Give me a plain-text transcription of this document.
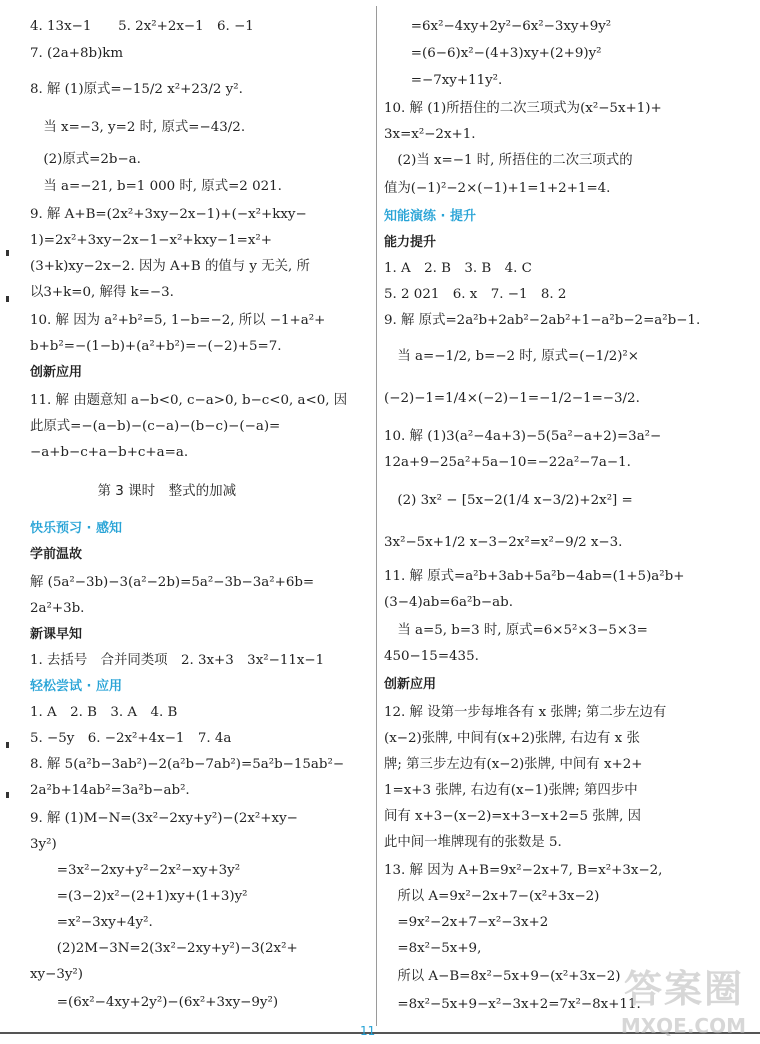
4. 13x−1　　5. 2x²+2x−1　6. −1
7. (2a+8b)km
8. 解 (1)原式=−15/2 x²+23/2 y².
　当 x=−3, y=2 时, 原式=−43/2.
　(2)原式=2b−a.
　当 a=−21, b=1 000 时, 原式=2 021.
9. 解 A+B=(2x²+3xy−2x−1)+(−x²+kxy−
1)=2x²+3xy−2x−1−x²+kxy−1=x²+
(3+k)xy−2x−2. 因为 A+B 的值与 y 无关, 所
以3+k=0, 解得 k=−3.
10. 解 因为 a²+b²=5, 1−b=−2, 所以 −1+a²+
b+b²=−(1−b)+(a²+b²)=−(−2)+5=7.
创新应用
11. 解 由题意知 a−b<0, c−a>0, b−c<0, a<0, 因
此原式=−(a−b)−(c−a)−(b−c)−(−a)=
−a+b−c+a−b+c+a=a.
　　　　　第 3 课时　整式的加减
快乐预习 · 感知
学前温故
解 (5a²−3b)−3(a²−2b)=5a²−3b−3a²+6b=
2a²+3b.
新课早知
1. 去括号　合并同类项　2. 3x+3　3x²−11x−1
轻松尝试 · 应用
1. A　2. B　3. A　4. B
5. −5y　6. −2x²+4x−1　7. 4a
8. 解 5(a²b−3ab²)−2(a²b−7ab²)=5a²b−15ab²−
2a²b+14ab²=3a²b−ab².
9. 解 (1)M−N=(3x²−2xy+y²)−(2x²+xy−
3y²)
　　=3x²−2xy+y²−2x²−xy+3y²
　　=(3−2)x²−(2+1)xy+(1+3)y²
　　=x²−3xy+4y².
　　(2)2M−3N=2(3x²−2xy+y²)−3(2x²+
xy−3y²)
　　=(6x²−4xy+2y²)−(6x²+3xy−9y²)
　　=6x²−4xy+2y²−6x²−3xy+9y²
　　=(6−6)x²−(4+3)xy+(2+9)y²
　　=−7xy+11y².
10. 解 (1)所捂住的二次三项式为(x²−5x+1)+
3x=x²−2x+1.
　(2)当 x=−1 时, 所捂住的二次三项式的
值为(−1)²−2×(−1)+1=1+2+1=4.
知能演练 · 提升
能力提升
1. A　2. B　3. B　4. C
5. 2 021　6. x　7. −1　8. 2
9. 解 原式=2a²b+2ab²−2ab²+1−a²b−2=a²b−1.
　当 a=−1/2, b=−2 时, 原式=(−1/2)²×
(−2)−1=1/4×(−2)−1=−1/2−1=−3/2.
10. 解 (1)3(a²−4a+3)−5(5a²−a+2)=3a²−
12a+9−25a²+5a−10=−22a²−7a−1.
　(2) 3x² − [5x−2(1/4 x−3/2)+2x²] =
3x²−5x+1/2 x−3−2x²=x²−9/2 x−3.
11. 解 原式=a²b+3ab+5a²b−4ab=(1+5)a²b+
(3−4)ab=6a²b−ab.
　当 a=5, b=3 时, 原式=6×5²×3−5×3=
450−15=435.
创新应用
12. 解 设第一步每堆各有 x 张牌; 第二步左边有
(x−2)张牌, 中间有(x+2)张牌, 右边有 x 张
牌; 第三步左边有(x−2)张牌, 中间有 x+2+
1=x+3 张牌, 右边有(x−1)张牌; 第四步中
间有 x+3−(x−2)=x+3−x+2=5 张牌, 因
此中间一堆牌现有的张数是 5.
13. 解 因为 A+B=9x²−2x+7, B=x²+3x−2,
　所以 A=9x²−2x+7−(x²+3x−2)
　=9x²−2x+7−x²−3x+2
　=8x²−5x+9,
　所以 A−B=8x²−5x+9−(x²+3x−2)
　=8x²−5x+9−x²−3x+2=7x²−8x+11.
11
答案圈
MXQE.COM
